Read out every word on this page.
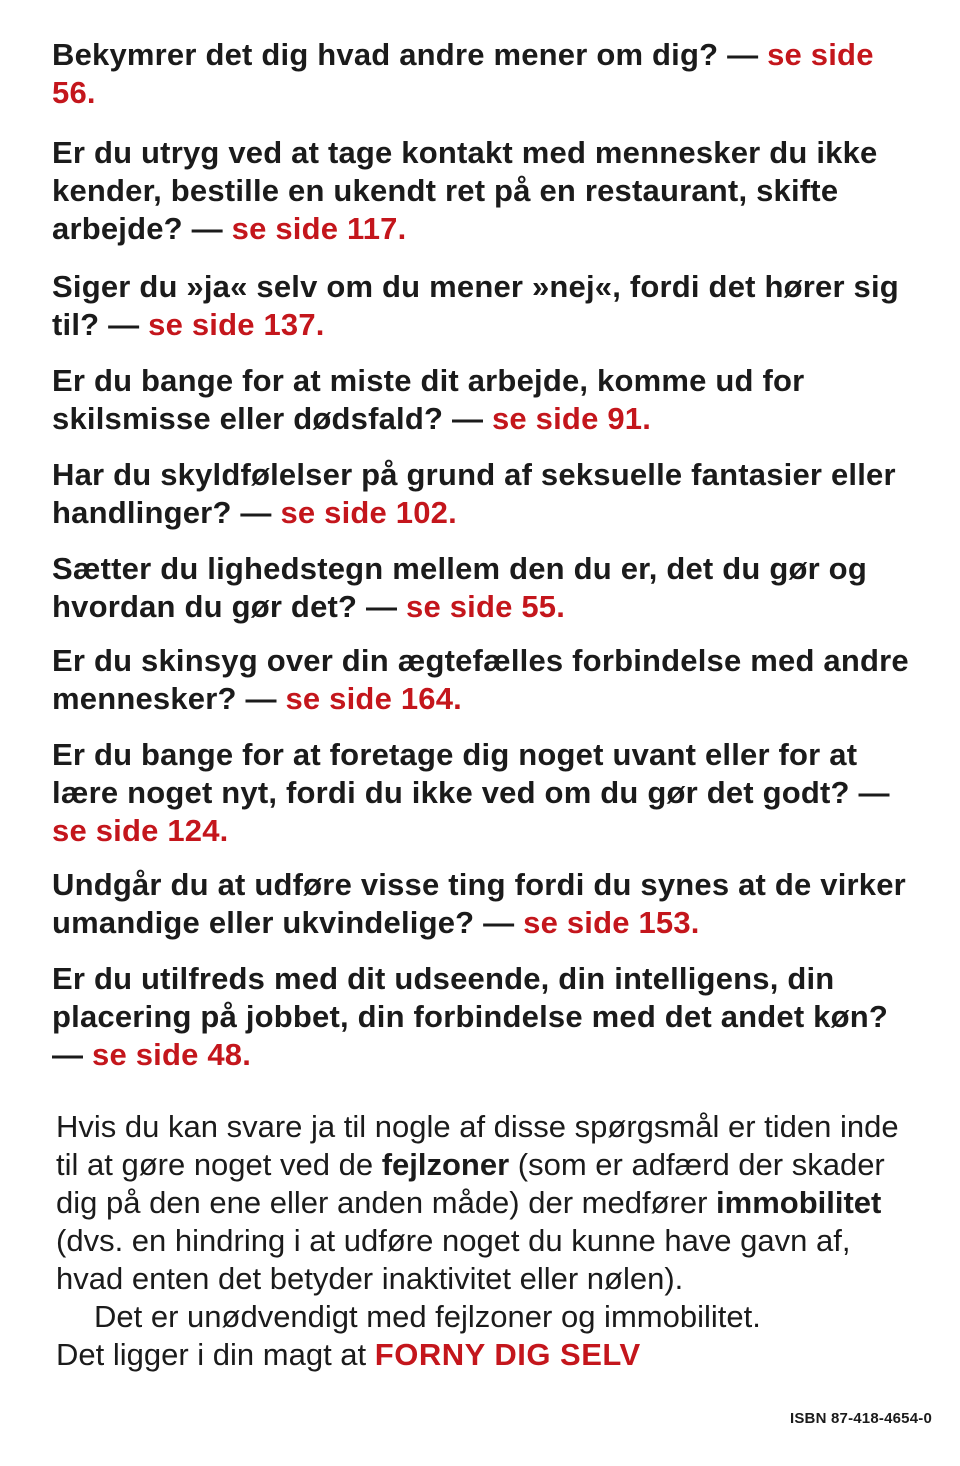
Bekymrer det dig hvad andre mener om dig? — se side 56.
Er du utryg ved at tage kontakt med mennesker du ikke kender, bestille en ukendt ret på en restaurant, skifte arbejde? — se side 117.
Siger du »ja« selv om du mener »nej«, fordi det hører sig til? — se side 137.
Er du bange for at miste dit arbejde, komme ud for skilsmisse eller dødsfald? — se side 91.
Har du skyldfølelser på grund af seksuelle fantasier eller handlinger? — se side 102.
Sætter du lighedstegn mellem den du er, det du gør og hvordan du gør det? — se side 55.
Er du skinsyg over din ægtefælles forbindelse med andre mennesker? — se side 164.
Er du bange for at foretage dig noget uvant eller for at lære noget nyt, fordi du ikke ved om du gør det godt? — se side 124.
Undgår du at udføre visse ting fordi du synes at de virker umandige eller ukvindelige? — se side 153.
Er du utilfreds med dit udseende, din intelligens, din placering på jobbet, din forbindelse med det andet køn? — se side 48.

Hvis du kan svare ja til nogle af disse spørgsmål er tiden inde til at gøre noget ved de fejlzoner (som er adfærd der skader dig på den ene eller anden måde) der medfører immobilitet (dvs. en hindring i at udføre noget du kunne have gavn af, hvad enten det betyder inaktivitet eller nølen).

Det er unødvendigt med fejlzoner og immobilitet.

Det ligger i din magt at FORNY DIG SELV

ISBN 87-418-4654-0
